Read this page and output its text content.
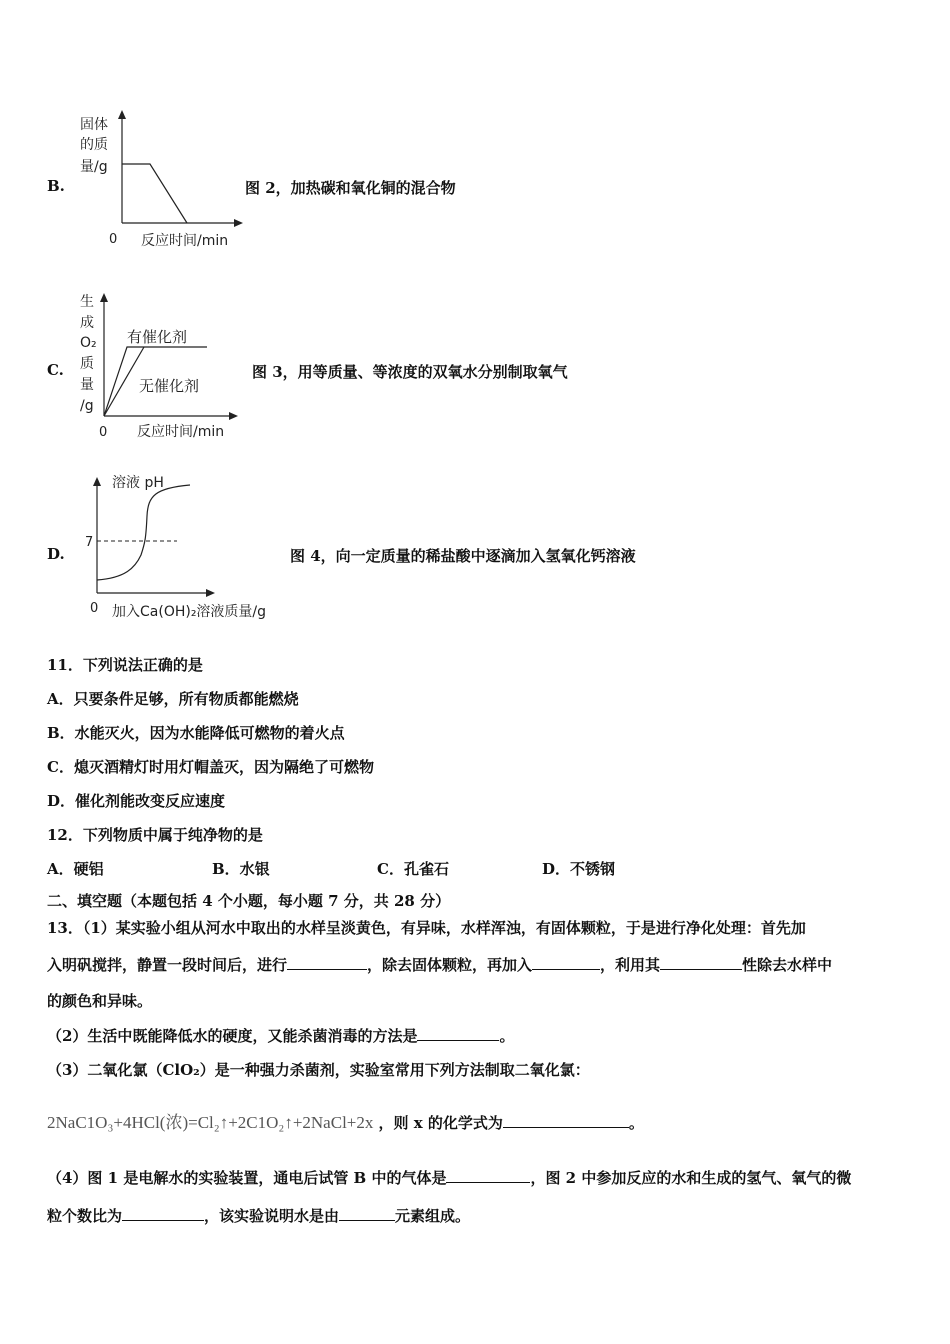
B.
固体
的质
量/g
0 反应时间/min
图 2，加热碳和氧化铜的混合物
C.
生
成
O₂
质
量
/g
有催化剂
无催化剂
0 反应时间/min
图 3，用等质量、等浓度的双氧水分别制取氧气
D.
溶液 pH
7
0 加入Ca(OH)₂溶液质量/g
图 4，向一定质量的稀盐酸中逐滴加入氢氧化钙溶液
11．下列说法正确的是
A．只要条件足够，所有物质都能燃烧
B．水能灭火，因为水能降低可燃物的着火点
C．熄灭酒精灯时用灯帽盖灭，因为隔绝了可燃物
D．催化剂能改变反应速度
12．下列物质中属于纯净物的是
A．硬铝	B．水银	C．孔雀石	D．不锈钢
二、填空题（本题包括 4 个小题，每小题 7 分，共 28 分）
13．（1）某实验小组从河水中取出的水样呈淡黄色，有异味，水样浑浊，有固体颗粒，于是进行净化处理：首先加
入明矾搅拌，静置一段时间后，进行	，除去固体颗粒，再加入	，利用其	性除去水样中
的颜色和异味。
（2）生活中既能降低水的硬度，又能杀菌消毒的方法是	。
（3）二氧化氯（ClO₂）是一种强力杀菌剂，实验室常用下列方法制取二氧化氯：
2NaC1O₃+4HCl(浓)=Cl₂↑+2C1O₂↑+2NaCl+2x ，则 x 的化学式为	。
（4）图 1 是电解水的实验装置，通电后试管 B 中的气体是	，图 2 中参加反应的水和生成的氢气、氧气的微
粒个数比为	，该实验说明水是由	元素组成。
